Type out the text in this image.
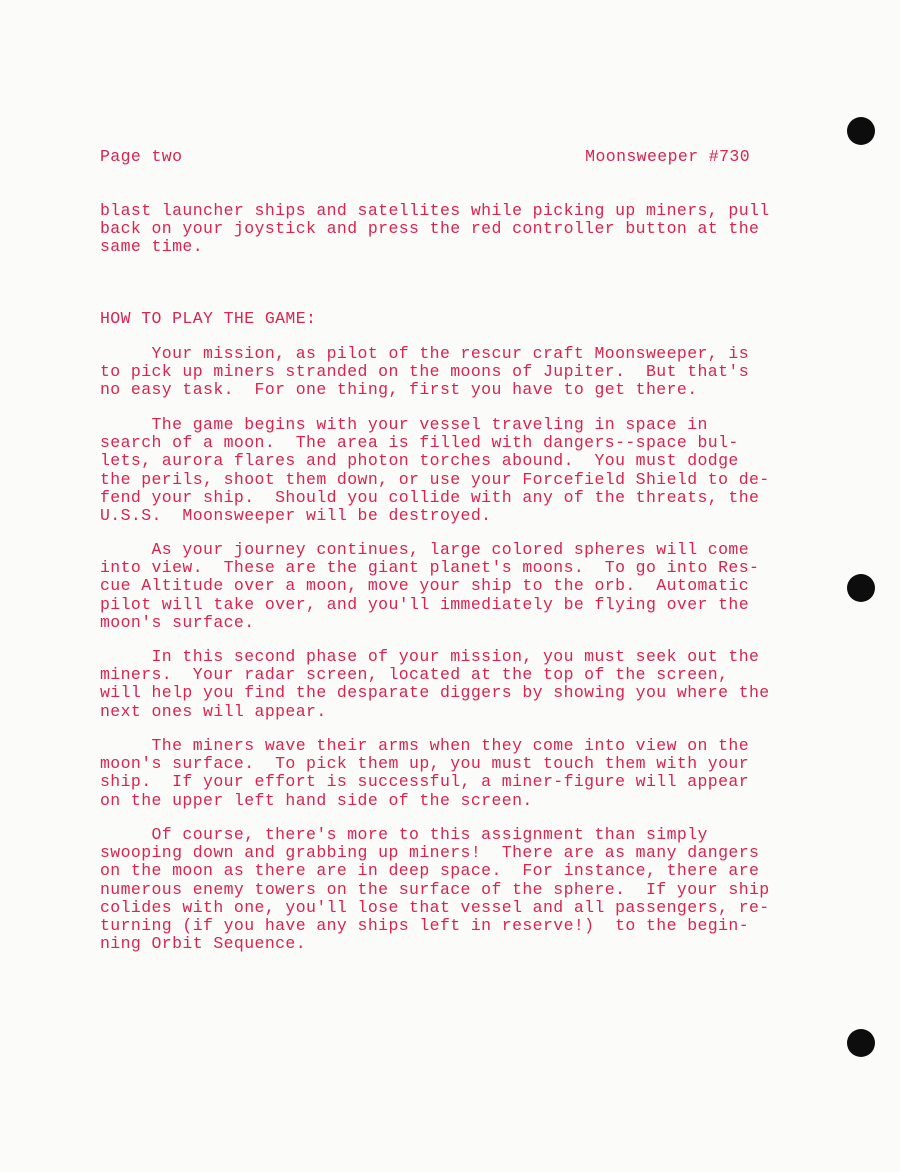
Page two	Moonsweeper #730
blast launcher ships and satellites while picking up miners, pull
back on your joystick and press the red controller button at the
same time.
HOW TO PLAY THE GAME:
Your mission, as pilot of the rescur craft Moonsweeper, is
to pick up miners stranded on the moons of Jupiter.  But that's
no easy task.  For one thing, first you have to get there.
The game begins with your vessel traveling in space in
search of a moon.  The area is filled with dangers--space bul-
lets, aurora flares and photon torches abound.  You must dodge
the perils, shoot them down, or use your Forcefield Shield to de-
fend your ship.  Should you collide with any of the threats, the
U.S.S.  Moonsweeper will be destroyed.
As your journey continues, large colored spheres will come
into view.  These are the giant planet's moons.  To go into Res-
cue Altitude over a moon, move your ship to the orb.  Automatic
pilot will take over, and you'll immediately be flying over the
moon's surface.
In this second phase of your mission, you must seek out the
miners.  Your radar screen, located at the top of the screen,
will help you find the desparate diggers by showing you where the
next ones will appear.
The miners wave their arms when they come into view on the
moon's surface.  To pick them up, you must touch them with your
ship.  If your effort is successful, a miner-figure will appear
on the upper left hand side of the screen.
Of course, there's more to this assignment than simply
swooping down and grabbing up miners!  There are as many dangers
on the moon as there are in deep space.  For instance, there are
numerous enemy towers on the surface of the sphere.  If your ship
colides with one, you'll lose that vessel and all passengers, re-
turning (if you have any ships left in reserve!)  to the begin-
ning Orbit Sequence.
